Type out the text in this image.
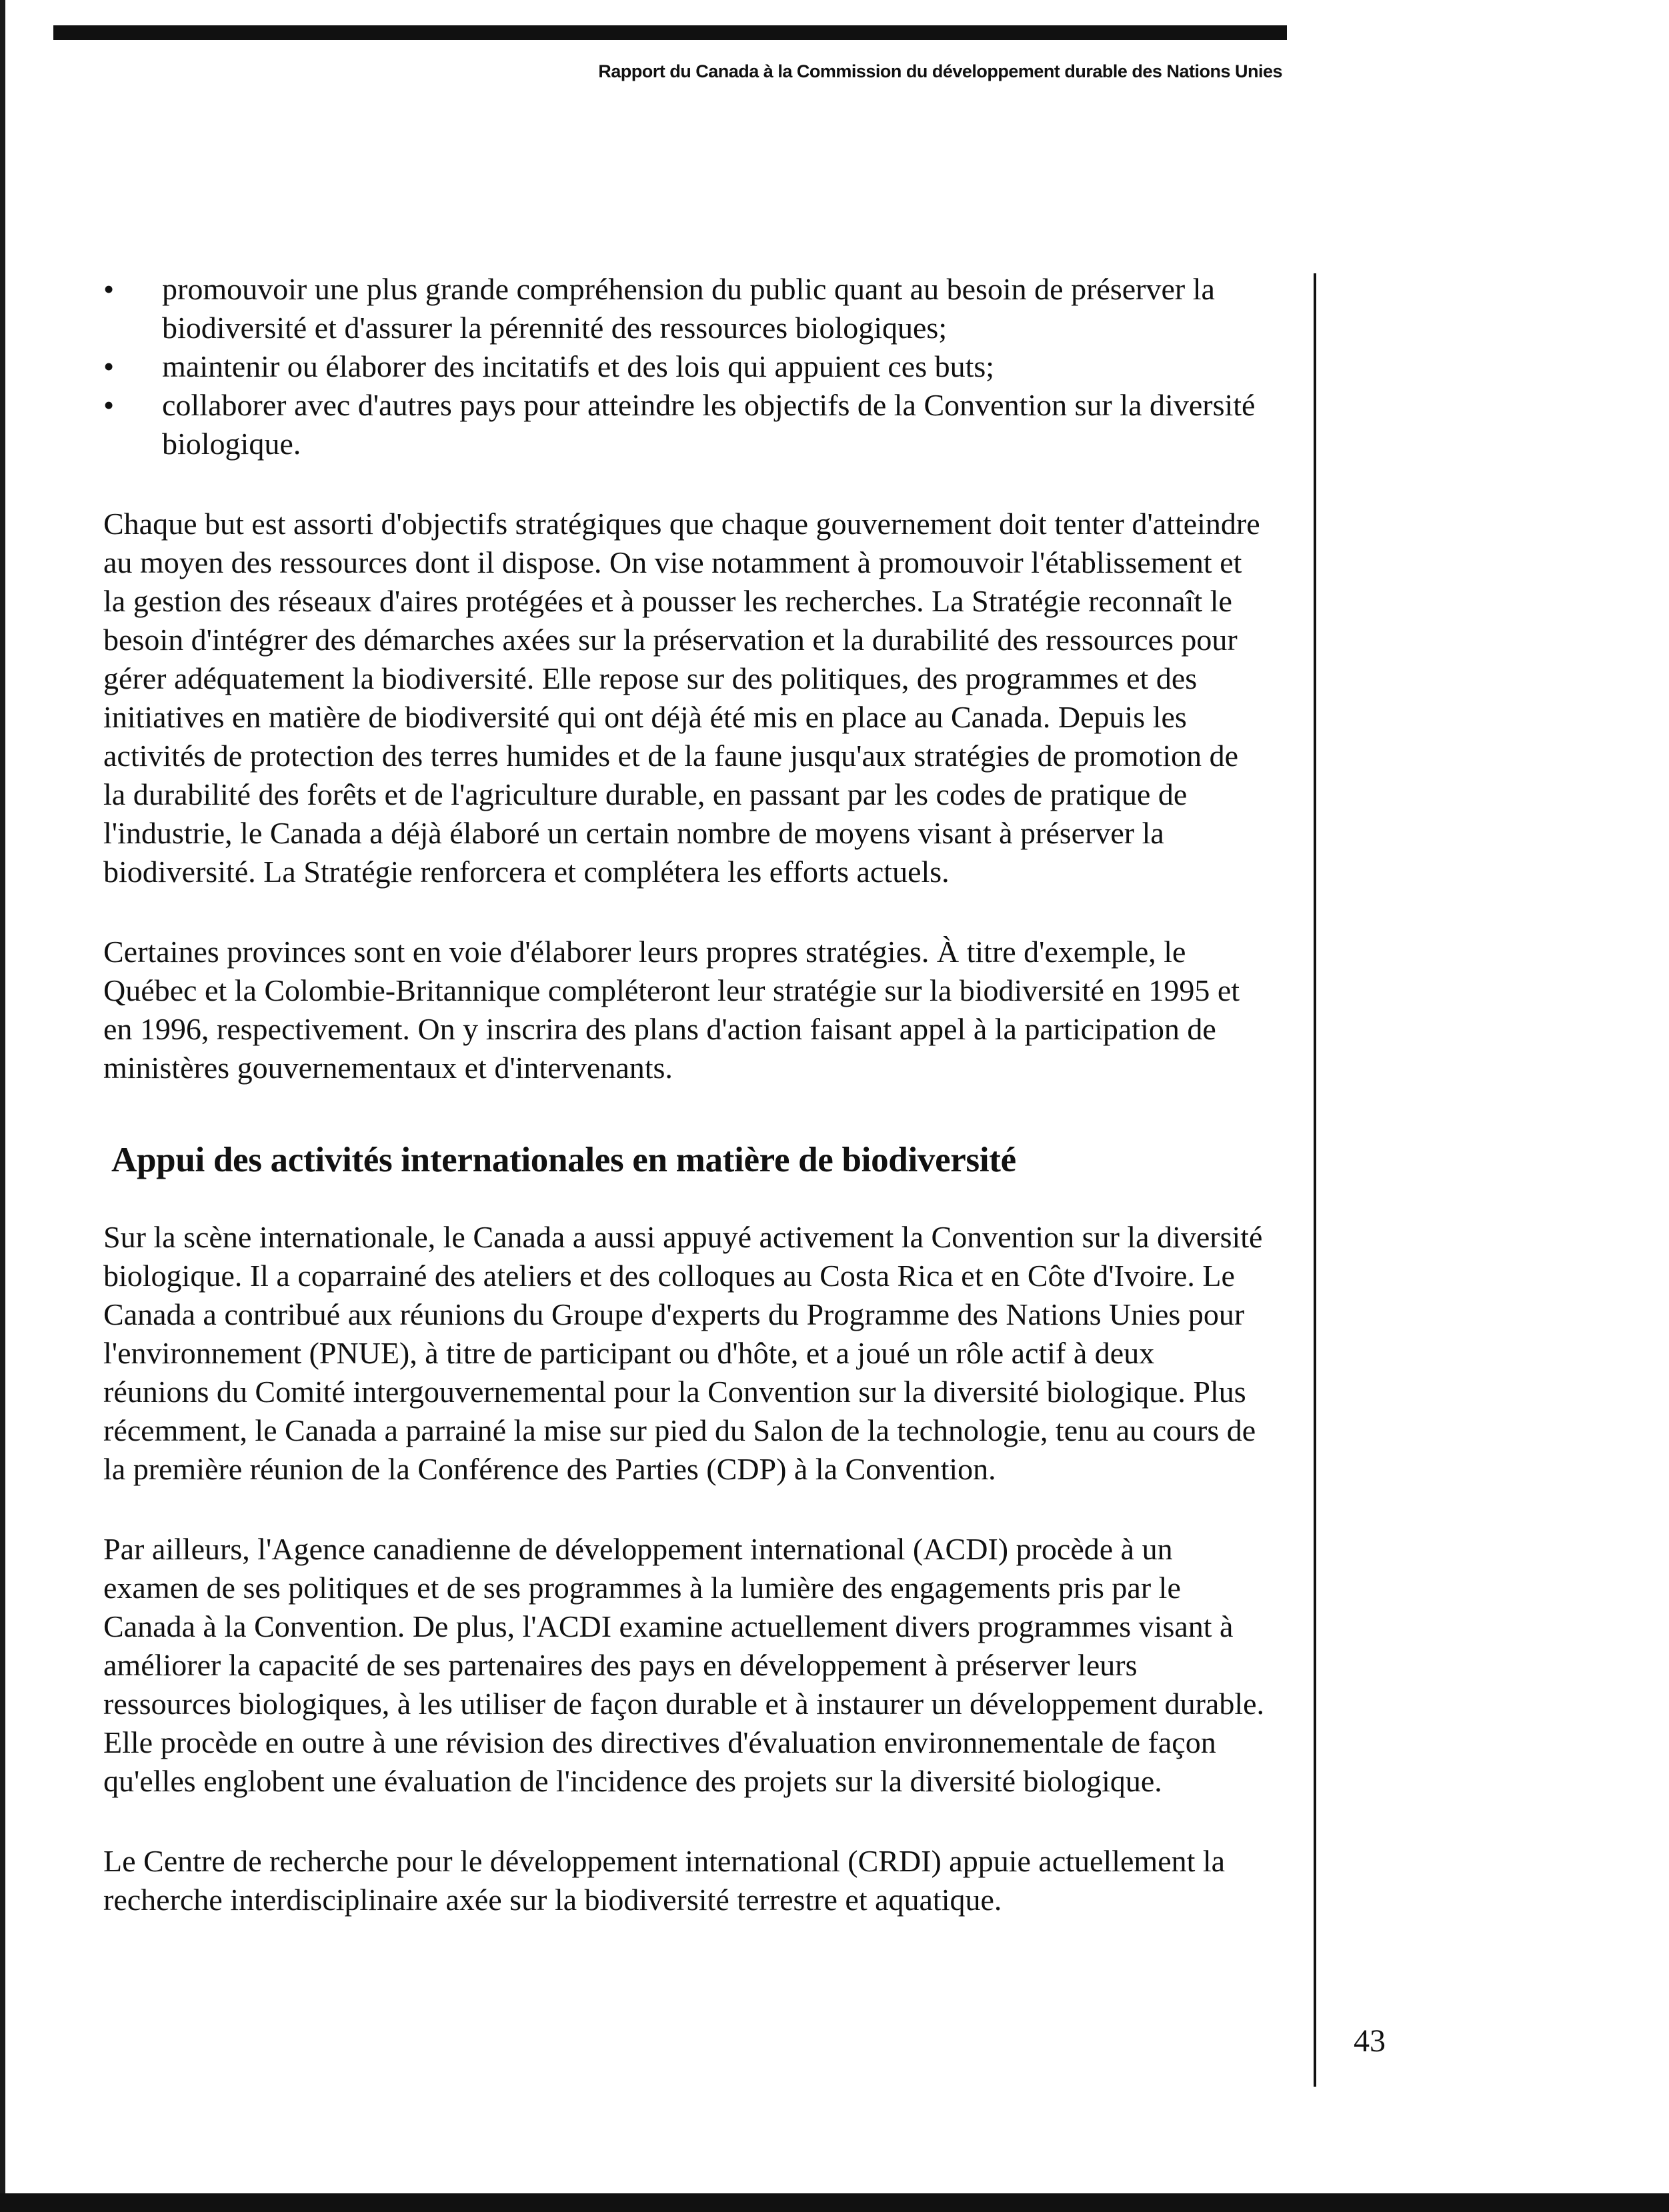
Rapport du Canada à la Commission du développement durable des Nations Unies
• promouvoir une plus grande compréhension du public quant au besoin de préserver la biodiversité et d'assurer la pérennité des ressources biologiques;
• maintenir ou élaborer des incitatifs et des lois qui appuient ces buts;
• collaborer avec d'autres pays pour atteindre les objectifs de la Convention sur la diversité biologique.

Chaque but est assorti d'objectifs stratégiques que chaque gouvernement doit tenter d'atteindre au moyen des ressources dont il dispose. On vise notamment à promouvoir l'établissement et la gestion des réseaux d'aires protégées et à pousser les recherches. La Stratégie reconnaît le besoin d'intégrer des démarches axées sur la préservation et la durabilité des ressources pour gérer adéquatement la biodiversité. Elle repose sur des politiques, des programmes et des initiatives en matière de biodiversité qui ont déjà été mis en place au Canada. Depuis les activités de protection des terres humides et de la faune jusqu'aux stratégies de promotion de la durabilité des forêts et de l'agriculture durable, en passant par les codes de pratique de l'industrie, le Canada a déjà élaboré un certain nombre de moyens visant à préserver la biodiversité. La Stratégie renforcera et complétera les efforts actuels.

Certaines provinces sont en voie d'élaborer leurs propres stratégies. À titre d'exemple, le Québec et la Colombie-Britannique compléteront leur stratégie sur la biodiversité en 1995 et en 1996, respectivement. On y inscrira des plans d'action faisant appel à la participation de ministères gouvernementaux et d'intervenants.

Appui des activités internationales en matière de biodiversité

Sur la scène internationale, le Canada a aussi appuyé activement la Convention sur la diversité biologique. Il a coparrainé des ateliers et des colloques au Costa Rica et en Côte d'Ivoire. Le Canada a contribué aux réunions du Groupe d'experts du Programme des Nations Unies pour l'environnement (PNUE), à titre de participant ou d'hôte, et a joué un rôle actif à deux réunions du Comité intergouvernemental pour la Convention sur la diversité biologique. Plus récemment, le Canada a parrainé la mise sur pied du Salon de la technologie, tenu au cours de la première réunion de la Conférence des Parties (CDP) à la Convention.

Par ailleurs, l'Agence canadienne de développement international (ACDI) procède à un examen de ses politiques et de ses programmes à la lumière des engagements pris par le Canada à la Convention. De plus, l'ACDI examine actuellement divers programmes visant à améliorer la capacité de ses partenaires des pays en développement à préserver leurs ressources biologiques, à les utiliser de façon durable et à instaurer un développement durable. Elle procède en outre à une révision des directives d'évaluation environnementale de façon qu'elles englobent une évaluation de l'incidence des projets sur la diversité biologique.

Le Centre de recherche pour le développement international (CRDI) appuie actuellement la recherche interdisciplinaire axée sur la biodiversité terrestre et aquatique.

43
